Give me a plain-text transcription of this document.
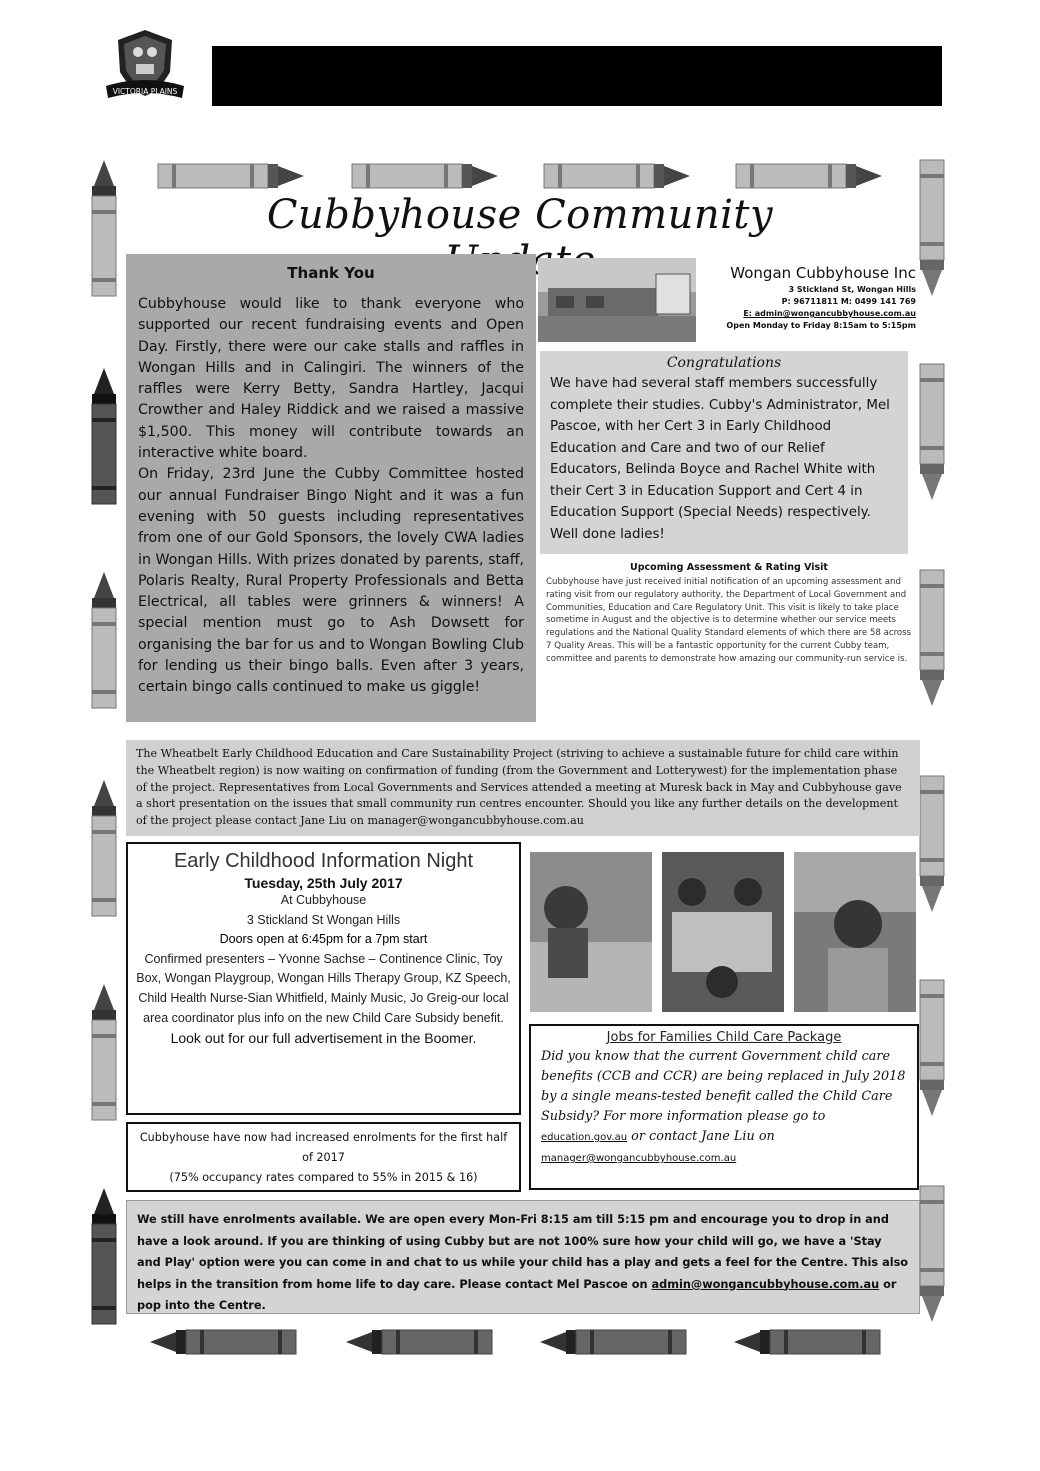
VICTORIA PLAINS
Cubbyhouse Community
Thank You

Cubbyhouse would like to thank everyone who supported our recent fundraising events and Open Day. Firstly, there were our cake stalls and raffles in Wongan Hills and in Calingiri. The winners of the raffles were Kerry Betty, Sandra Hartley, Jacqui Crowther and Haley Riddick and we raised a massive $1,500. This money will contribute towards an interactive white board.

On Friday, 23rd June the Cubby Committee hosted our annual Fundraiser Bingo Night and it was a fun evening with 50 guests including representatives from one of our Gold Sponsors, the lovely CWA ladies in Wongan Hills. With prizes donated by parents, staff, Polaris Realty, Rural Property Professionals and Betta Electrical, all tables were grinners & winners! A special mention must go to Ash Dowsett for organising the bar for us and to Wongan Bowling Club for lending us their bingo balls. Even after 3 years, certain bingo calls continued to make us giggle!

Wongan Cubbyhouse Inc
3 Stickland St, Wongan Hills
P: 96711811 M: 0499 141 769
E: admin@wongancubbyhouse.com.au
Open Monday to Friday 8:15am to 5:15pm
Congratulations

We have had several staff members successfully complete their studies. Cubby's Administrator, Mel Pascoe, with her Cert 3 in Early Childhood Education and Care and two of our Relief Educators, Belinda Boyce and Rachel White with their Cert 3 in Education Support and Cert 4 in Education Support (Special Needs) respectively. Well done ladies!

Upcoming Assessment & Rating Visit

Cubbyhouse have just received initial notification of an upcoming assessment and rating visit from our regulatory authority, the Department of Local Government and Communities, Education and Care Regulatory Unit. This visit is likely to take place sometime in August and the objective is to determine whether our service meets regulations and the National Quality Standard elements of which there are 58 across 7 Quality Areas. This will be a fantastic opportunity for the current Cubby team, committee and parents to demonstrate how amazing our community-run service is.

The Wheatbelt Early Childhood Education and Care Sustainability Project (striving to achieve a sustainable future for child care within the Wheatbelt region) is now waiting on confirmation of funding (from the Government and Lotterywest) for the implementation phase of the project. Representatives from Local Governments and Services attended a meeting at Muresk back in May and Cubbyhouse gave a short presentation on the issues that small community run centres encounter. Should you like any further details on the development of the project please contact Jane Liu on manager@wongancubbyhouse.com.au
Early Childhood Information Night
Tuesday, 25th July 2017
At Cubbyhouse
3 Stickland St Wongan Hills
Doors open at 6:45pm for a 7pm start
Confirmed presenters – Yvonne Sachse – Continence Clinic, Toy Box, Wongan Playgroup, Wongan Hills Therapy Group, KZ Speech, Child Health Nurse-Sian Whitfield, Mainly Music, Jo Greig-our local area coordinator plus info on the new Child Care Subsidy benefit.
Look out for our full advertisement in the Boomer.	Jobs for Families Child Care Package
Did you know that the current Government child care benefits (CCB and CCR) are being replaced in July 2018 by a single means-tested benefit called the Child Care Subsidy? For more information please go to education.gov.au or contact Jane Liu on
manager@wongancubbyhouse.com.au
Cubbyhouse have now had increased enrolments for the first half of 2017
(75% occupancy rates compared to 55% in 2015 & 16)
We still have enrolments available. We are open every Mon-Fri 8:15 am till 5:15 pm and encourage you to drop in and have a look around. If you are thinking of using Cubby but are not 100% sure how your child will go, we have a 'Stay and Play' option were you can come in and chat to us while your child has a play and gets a feel for the Centre. This also helps in the transition from home life to day care. Please contact Mel Pascoe on admin@wongancubbyhouse.com.au or pop into the Centre.
